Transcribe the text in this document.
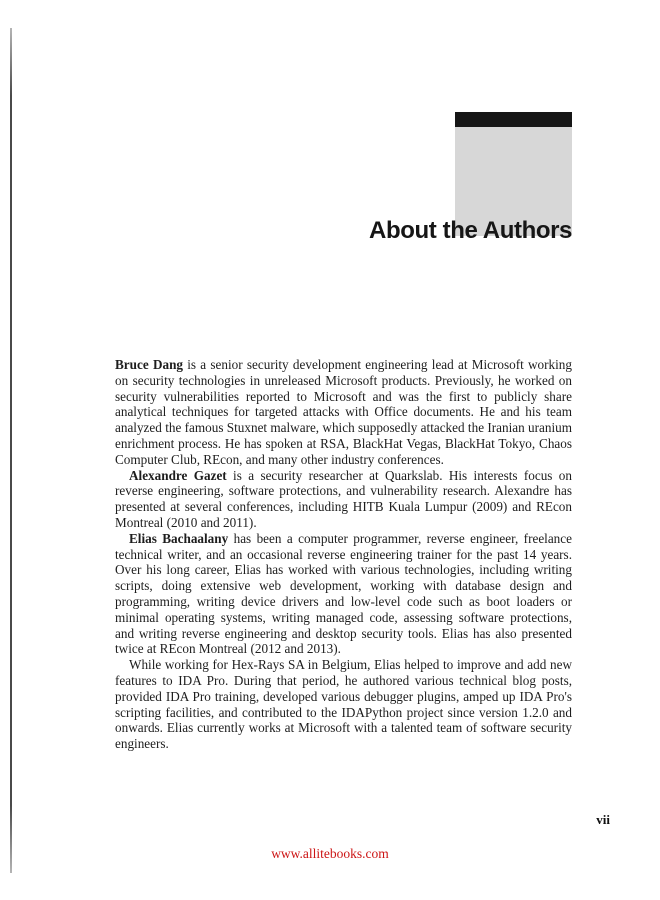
About the Authors

Bruce Dang is a senior security development engineering lead at Microsoft working on security technologies in unreleased Microsoft products. Previously, he worked on security vulnerabilities reported to Microsoft and was the first to publicly share analytical techniques for targeted attacks with Office documents. He and his team analyzed the famous Stuxnet malware, which supposedly attacked the Iranian uranium enrichment process. He has spoken at RSA, BlackHat Vegas, BlackHat Tokyo, Chaos Computer Club, REcon, and many other industry conferences.

Alexandre Gazet is a security researcher at Quarkslab. His interests focus on reverse engineering, software protections, and vulnerability research. Alexandre has presented at several conferences, including HITB Kuala Lumpur (2009) and REcon Montreal (2010 and 2011).

Elias Bachaalany has been a computer programmer, reverse engineer, freelance technical writer, and an occasional reverse engineering trainer for the past 14 years. Over his long career, Elias has worked with various technologies, including writing scripts, doing extensive web development, working with database design and programming, writing device drivers and low-level code such as boot loaders or minimal operating systems, writing managed code, assessing software protections, and writing reverse engineering and desktop security tools. Elias has also presented twice at REcon Montreal (2012 and 2013).

While working for Hex-Rays SA in Belgium, Elias helped to improve and add new features to IDA Pro. During that period, he authored various technical blog posts, provided IDA Pro training, developed various debugger plugins, amped up IDA Pro's scripting facilities, and contributed to the IDAPython project since version 1.2.0 and onwards. Elias currently works at Microsoft with a talented team of software security engineers.

vii
www.allitebooks.com
